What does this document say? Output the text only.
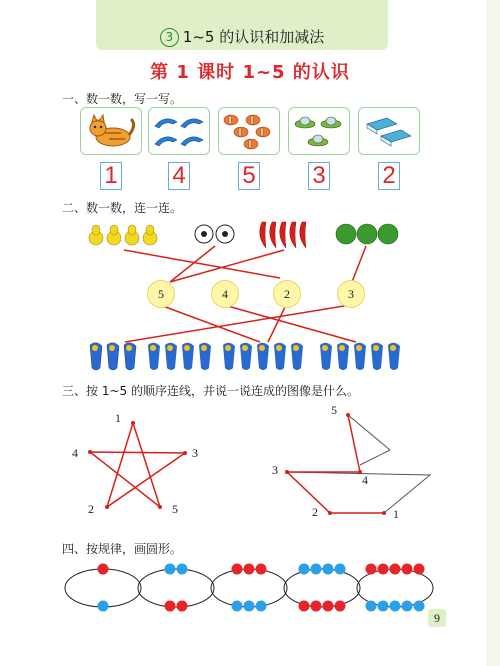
3 1~5 的认识和加减法
第 1 课时 1~5 的认识
一、数一数，写一写。
1 4 5 3 2
二、数一数，连一连。
5	4	2	3
三、按 1~5 的顺序连线，并说一说连成的图像是什么。
1
2
3
4
5	1
2
3
4
5
四、按规律，画圆形。
9
